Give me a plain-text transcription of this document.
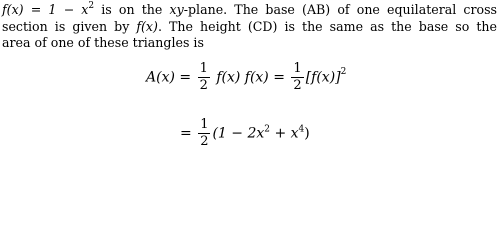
$f(x) = 1 - x^2$ is on the xy-plane. The base (AB) of one equilateral cross
section is given by f(x). The height (CD) is the same as the base so the
area of one of these triangles is
$A(x) = \frac{1}{2} f(x) f(x) = \frac{1}{2} [f(x)]^2$
= $\frac{1}{2} (1 - 2x^2 + x^4)$
